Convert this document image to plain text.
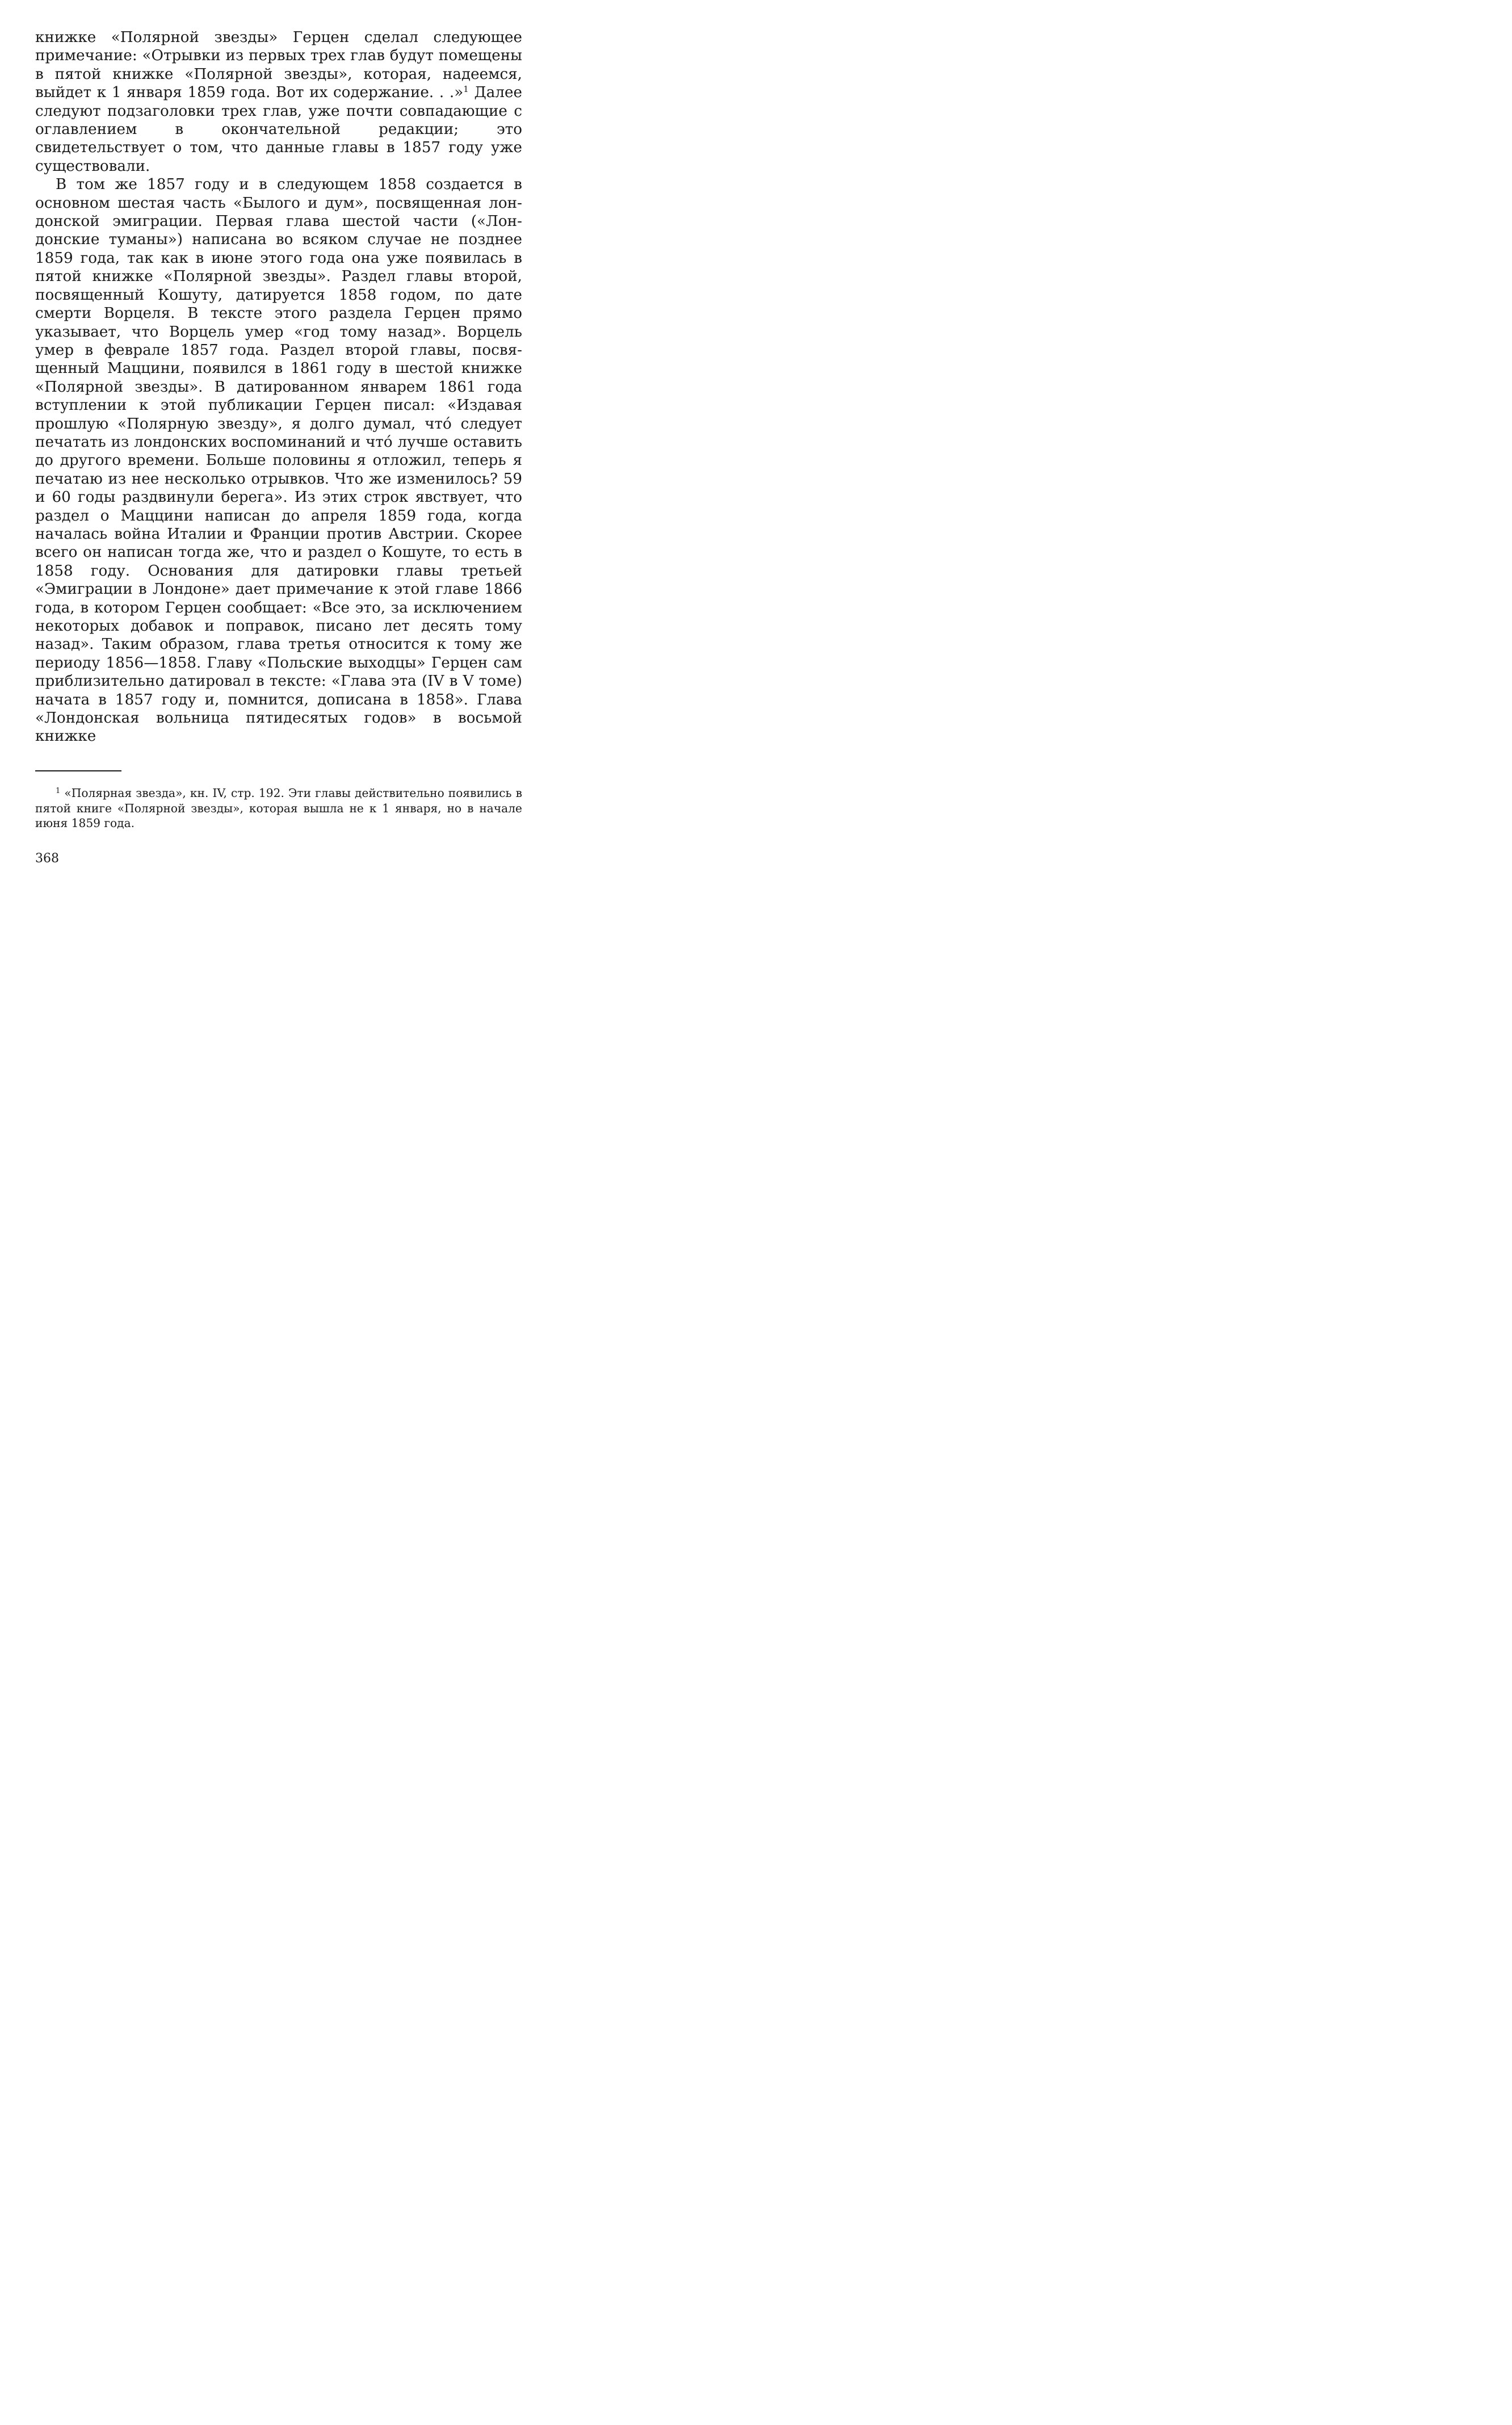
книжке «Полярной звезды» Герцен сделал следующее примечание: «Отрывки из первых трех глав будут помещены в пятой книжке «Полярной звезды», которая, надеемся, выйдет к 1 января 1859 года. Вот их содержание. . .»$^1$ Далее следуют подзаголовки трех глав, уже почти совпадающие с оглавлением в окончательной редакции; это свидетельствует о том, что данные главы в 1857 году уже существовали.

В том же 1857 году и в следующем 1858 создается в основном шестая часть «Былого и дум», посвященная лондонской эмиграции. Первая глава шестой части («Лондонские туманы») написана во всяком случае не позднее 1859 года, так как в июне этого года она уже появилась в пятой книжке «Полярной звезды». Раздел главы второй, посвященный Кошуту, датируется 1858 годом, по дате смерти Ворцеля. В тексте этого раздела Герцен прямо указывает, что Ворцель умер «год тому назад». Ворцель умер в феврале 1857 года. Раздел второй главы, посвященный Маццини, появился в 1861 году в шестой книжке «Полярной звезды». В датированном январем 1861 года вступлении к этой публикации Герцен писал: «Издавая прошлую «Полярную звезду», я долго думал, что́ следует печатать из лондонских воспоминаний и что́ лучше оставить до другого времени. Больше половины я отложил, теперь я печатаю из нее несколько отрывков. Что же изменилось? 59 и 60 годы раздвинули берега». Из этих строк явствует, что раздел о Маццини написан до апреля 1859 года, когда началась война Италии и Франции против Австрии. Скорее всего он написан тогда же, что и раздел о Кошуте, то есть в 1858 году. Основания для датировки главы третьей «Эмиграции в Лондоне» дает примечание к этой главе 1866 года, в котором Герцен сообщает: «Все это, за исключением некоторых добавок и поправок, писано лет десять тому назад». Таким образом, глава третья относится к тому же периоду 1856—1858. Главу «Польские выходцы» Герцен сам приблизительно датировал в тексте: «Глава эта (IV в V томе) начата в 1857 году и, помнится, дописана в 1858». Глава «Лондонская вольница пятидесятых годов» в восьмой книжке

$^1$ «Полярная звезда», кн. IV, стр. 192. Эти главы действительно появились в пятой книге «Полярной звезды», которая вышла не к 1 января, но в начале июня 1859 года.

368
